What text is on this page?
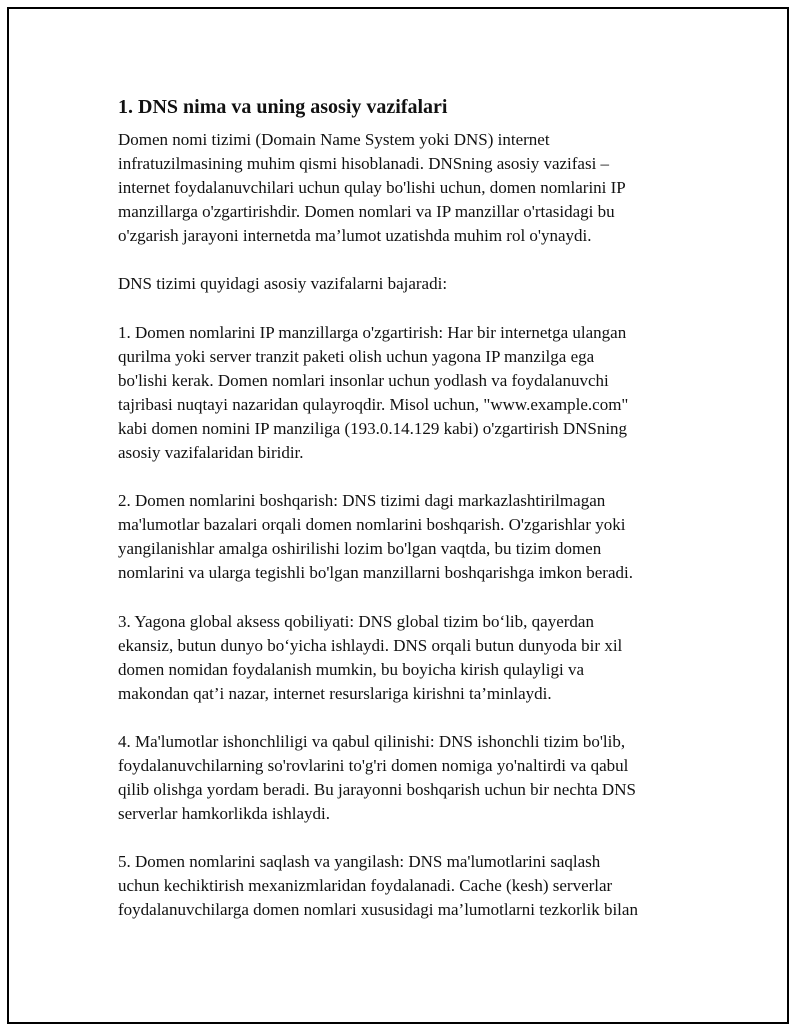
1. DNS nima va uning asosiy vazifalari

Domen nomi tizimi (Domain Name System yoki DNS) internet
infratuzilmasining muhim qismi hisoblanadi. DNSning asosiy vazifasi –
internet foydalanuvchilari uchun qulay bo'lishi uchun, domen nomlarini IP
manzillarga o'zgartirishdir. Domen nomlari va IP manzillar o'rtasidagi bu
o'zgarish jarayoni internetda ma’lumot uzatishda muhim rol o'ynaydi.

DNS tizimi quyidagi asosiy vazifalarni bajaradi:

1. Domen nomlarini IP manzillarga o'zgartirish: Har bir internetga ulangan
qurilma yoki server tranzit paketi olish uchun yagona IP manzilga ega
bo'lishi kerak. Domen nomlari insonlar uchun yodlash va foydalanuvchi
tajribasi nuqtayi nazaridan qulayroqdir. Misol uchun, "www.example.com"
kabi domen nomini IP manziliga (193.0.14.129 kabi) o'zgartirish DNSning
asosiy vazifalaridan biridir.

2. Domen nomlarini boshqarish: DNS tizimi dagi markazlashtirilmagan
ma'lumotlar bazalari orqali domen nomlarini boshqarish. O'zgarishlar yoki
yangilanishlar amalga oshirilishi lozim bo'lgan vaqtda, bu tizim domen
nomlarini va ularga tegishli bo'lgan manzillarni boshqarishga imkon beradi.

3. Yagona global aksess qobiliyati: DNS global tizim bo‘lib, qayerdan
ekansiz, butun dunyo bo‘yicha ishlaydi. DNS orqali butun dunyoda bir xil
domen nomidan foydalanish mumkin, bu boyicha kirish qulayligi va
makondan qat’i nazar, internet resurslariga kirishni ta’minlaydi.

4. Ma'lumotlar ishonchliligi va qabul qilinishi: DNS ishonchli tizim bo'lib,
foydalanuvchilarning so'rovlarini to'g'ri domen nomiga yo'naltirdi va qabul
qilib olishga yordam beradi. Bu jarayonni boshqarish uchun bir nechta DNS
serverlar hamkorlikda ishlaydi.

5. Domen nomlarini saqlash va yangilash: DNS ma'lumotlarini saqlash
uchun kechiktirish mexanizmlaridan foydalanadi. Cache (kesh) serverlar
foydalanuvchilarga domen nomlari xususidagi ma’lumotlarni tezkorlik bilan
